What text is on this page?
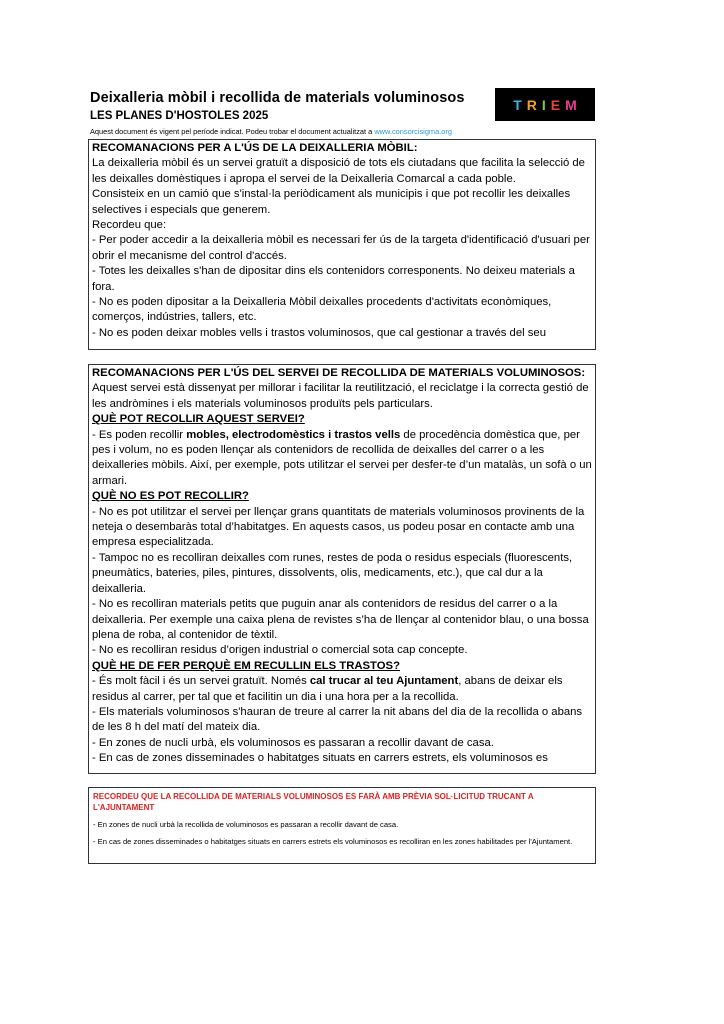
Deixalleria mòbil i recollida de materials voluminosos
LES PLANES D'HOSTOLES 2025
Aquest document és vigent pel període indicat. Podeu trobar el document actualitzat a www.consorcisigma.org
T R I E M

RECOMANACIONS PER A L'ÚS DE LA DEIXALLERIA MÒBIL:

La deixalleria mòbil és un servei gratuït a disposició de tots els ciutadans que facilita la selecció de les deixalles domèstiques i apropa el servei de la Deixalleria Comarcal a cada poble.

Consisteix en un camió que s'instal·la periòdicament als municipis i que pot recollir les deixalles selectives i especials que generem.

Recordeu que:

- Per poder accedir a la deixalleria mòbil es necessari fer ús de la targeta d'identificació d'usuari per obrir el mecanisme del control d'accés.

- Totes les deixalles s'han de dipositar dins els contenidors corresponents. No deixeu materials a fora.

- No es poden dipositar a la Deixalleria Mòbil deixalles procedents d'activitats econòmiques, comerços, indústries, tallers, etc.

- No es poden deixar mobles vells i trastos voluminosos, que cal gestionar a través del seu

RECOMANACIONS PER L'ÚS DEL SERVEI DE RECOLLIDA DE MATERIALS VOLUMINOSOS:

Aquest servei està dissenyat per millorar i facilitar la reutilització, el reciclatge i la correcta gestió de les andròmines i els materials voluminosos produïts pels particulars.

QUÈ POT RECOLLIR AQUEST SERVEI?

- Es poden recollir mobles, electrodomèstics i trastos vells de procedència domèstica que, per pes i volum, no es poden llençar als contenidors de recollida de deixalles del carrer o a les deixalleries mòbils. Així, per exemple, pots utilitzar el servei per desfer-te d’un matalàs, un sofà o un armari.

QUÈ NO ES POT RECOLLIR?

- No es pot utilitzar el servei per llençar grans quantitats de materials voluminosos provinents de la neteja o desembaràs total d’habitatges. En aquests casos, us podeu posar en contacte amb una empresa especialitzada.

- Tampoc no es recolliran deixalles com runes, restes de poda o residus especials (fluorescents, pneumàtics, bateries, piles, pintures, dissolvents, olis, medicaments, etc.), que cal dur a la deixalleria.

- No es recolliran materials petits que puguin anar als contenidors de residus del carrer o a la deixalleria. Per exemple una caixa plena de revistes s’ha de llençar al contenidor blau, o una bossa plena de roba, al contenidor de tèxtil.

- No es recolliran residus d’origen industrial o comercial sota cap concepte.

QUÈ HE DE FER PERQUÈ EM RECULLIN ELS TRASTOS?

- És molt fàcil i és un servei gratuït. Només cal trucar al teu Ajuntament, abans de deixar els residus al carrer, per tal que et facilitin un dia i una hora per a la recollida.

- Els materials voluminosos s'hauran de treure al carrer la nit abans del dia de la recollida o abans de les 8 h del matí del mateix dia.

- En zones de nucli urbà, els voluminosos es passaran a recollir davant de casa.

- En cas de zones disseminades o habitatges situats en carrers estrets, els voluminosos es

RECORDEU QUE LA RECOLLIDA DE MATERIALS VOLUMINOSOS ES FARÀ AMB PRÈVIA SOL·LICITUD TRUCANT A L'AJUNTAMENT

- En zones de nucli urbà la recollida de voluminosos es passaran a recollir davant de casa.

- En cas de zones disseminades o habitatges situats en carrers estrets els voluminosos es recolliran en les zones habilitades per l'Ajuntament.
